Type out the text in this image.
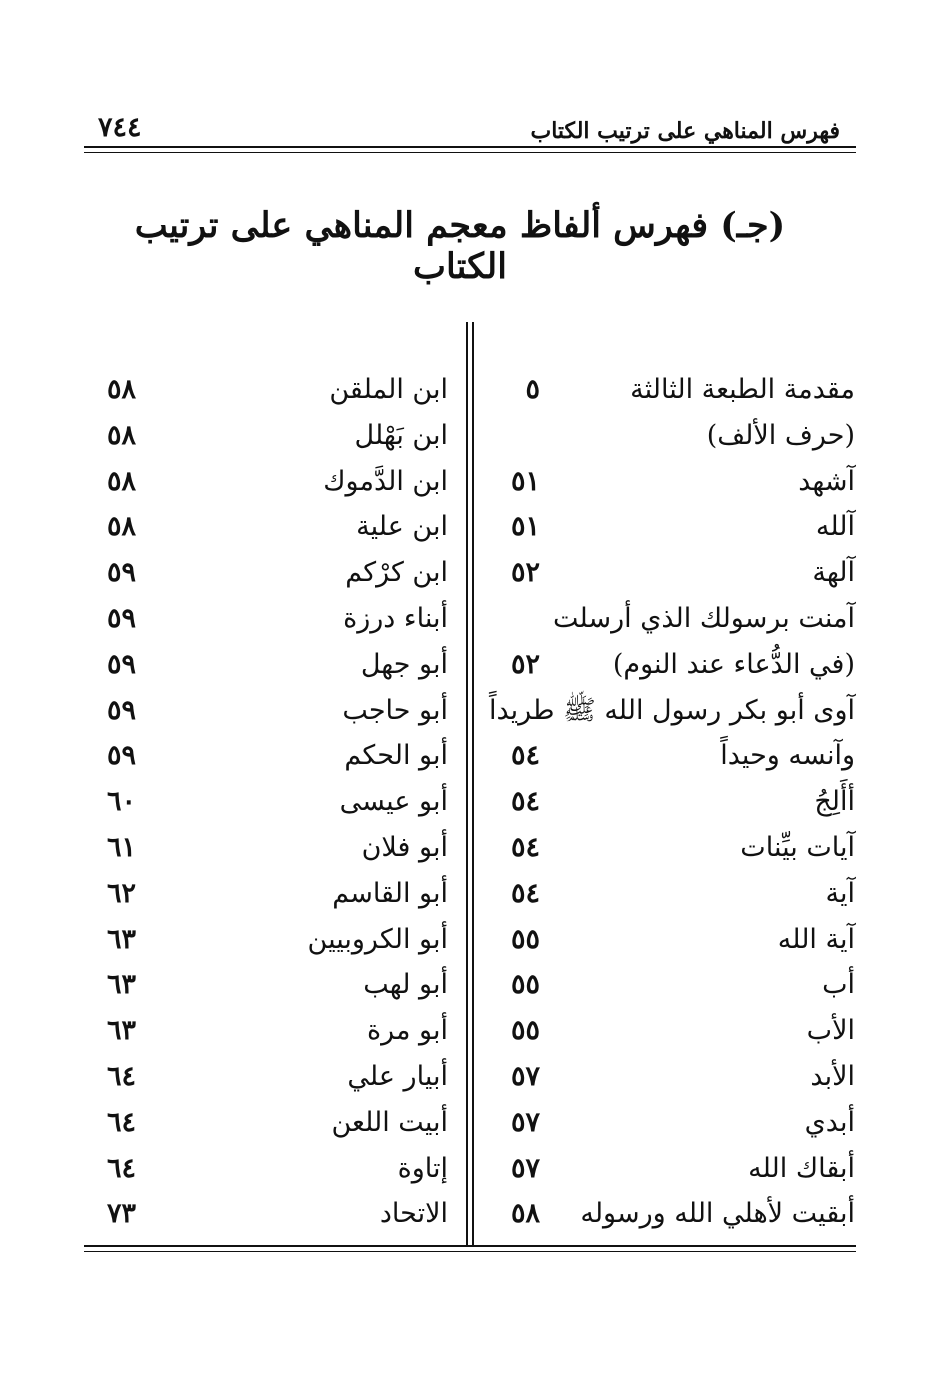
٧٤٤	فهرس المناهي على ترتيب الكتاب
(جـ) فهرس ألفاظ معجم المناهي على ترتيب الكتاب
مقدمة الطبعة الثالثة
٥
(حرف الألف)
آشهد
٥١
آلله
٥١
آلهة
٥٢
آمنت برسولك الذي أرسلت
(في الدُّعاء عند النوم)
٥٢
آوى أبو بكر رسول الله ﷺ طريداً
وآنسه وحيداً
٥٤
أأَلِجُ
٥٤
آيات بيِّنات
٥٤
آية
٥٤
آية الله
٥٥
أب
٥٥
الأب
٥٥
الأبد
٥٧
أبدي
٥٧
أبقاك الله
٥٧
أبقيت لأهلي الله ورسوله
٥٨
ابن الملقن
٥٨
ابن بَهْلل
٥٨
ابن الدَّموك
٥٨
ابن علية
٥٨
ابن كرْكم
٥٩
أبناء درزة
٥٩
أبو جهل
٥٩
أبو حاجب
٥٩
أبو الحكم
٥٩
أبو عيسى
٦٠
أبو فلان
٦١
أبو القاسم
٦٢
أبو الكروبيين
٦٣
أبو لهب
٦٣
أبو مرة
٦٣
أبيار علي
٦٤
أبيت اللعن
٦٤
إتاوة
٦٤
الاتحاد
٧٣
